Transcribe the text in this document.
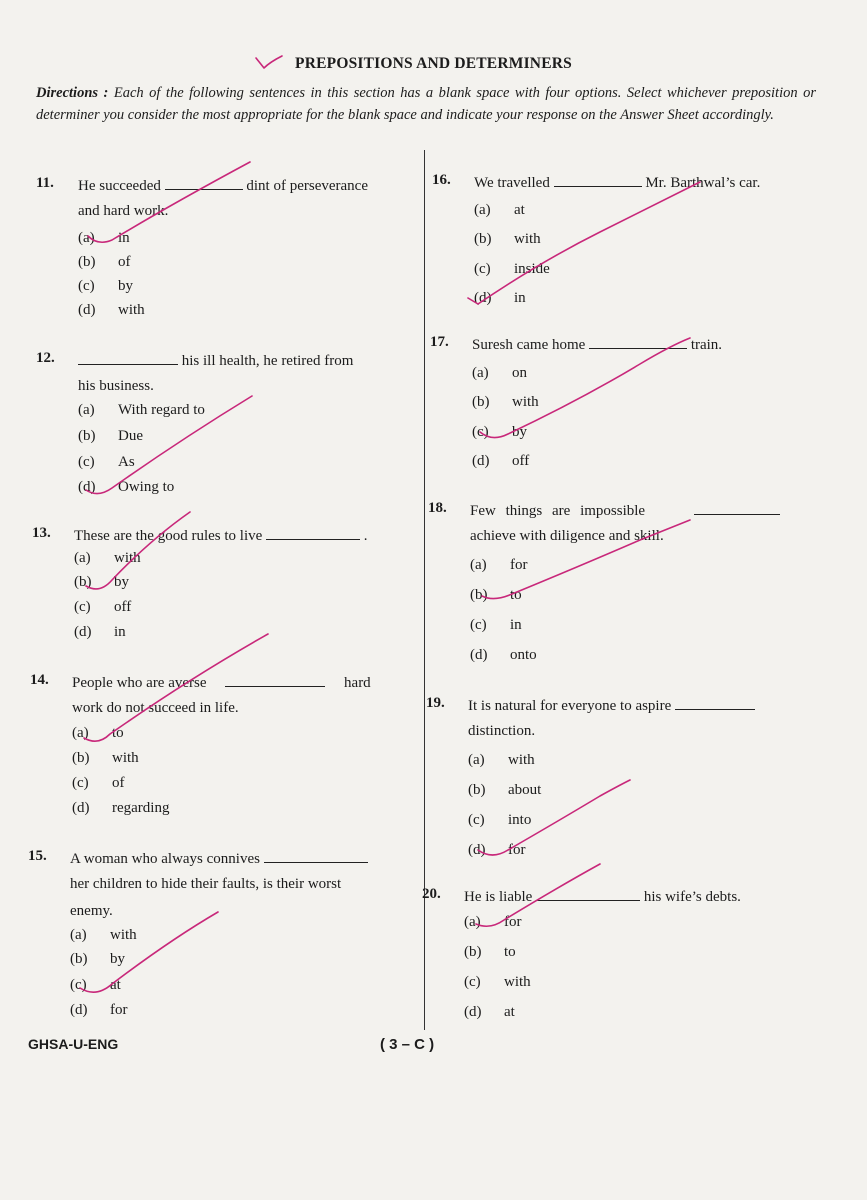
PREPOSITIONS AND DETERMINERS
Directions : Each of the following sentences in this section has a blank space with four options. Select whichever preposition or determiner you consider the most appropriate for the blank space and indicate your response on the Answer Sheet accordingly.
11. He succeeded	dint of perseverance
and hard work.
(a) in
(b) of
(c) by
(d) with
12.	his ill health, he retired from
his business.
(a) With regard to
(b) Due
(c) As
(d) Owing to
13. These are the good rules to live	.
(a) with
(b) by
(c) off
(d) in
14. People who are averse	hard
work do not succeed in life.
(a) to
(b) with
(c) of
(d) regarding
15. A woman who always connives
her children to hide their faults, is their worst
enemy.
(a) with
(b) by
(c) at
(d) for
16. We travelled	Mr. Barthwal’s car.
(a) at
(b) with
(c) inside
(d) in
17. Suresh came home	train.
(a) on
(b) with
(c) by
(d) off
18. Few things are impossible
achieve with diligence and skill.
(a) for
(b) to
(c) in
(d) onto
19. It is natural for everyone to aspire
distinction.
(a) with
(b) about
(c) into
(d) for
20. He is liable	his wife’s debts.
(a) for
(b) to
(c) with
(d) at
GHSA-U-ENG	( 3 – C )
